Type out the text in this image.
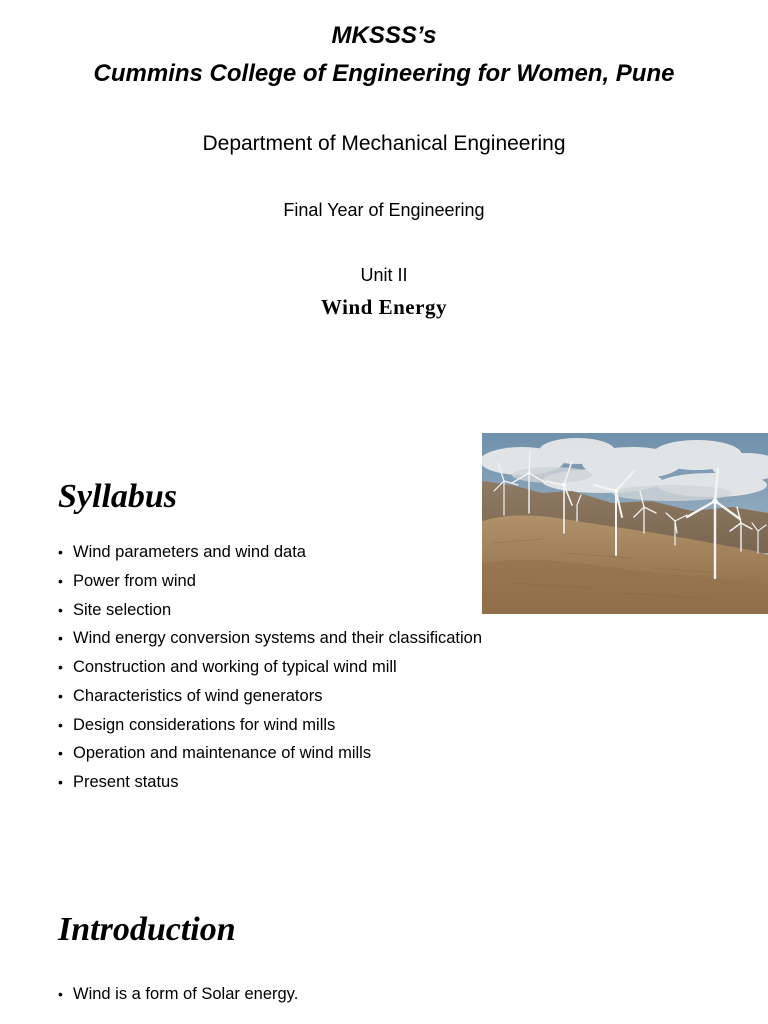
MKSSS’s
Cummins College of Engineering for Women, Pune
Department of Mechanical Engineering
Final Year of Engineering
Unit II
Wind Energy
Syllabus
• Wind parameters and wind data
• Power from wind
• Site selection
• Wind energy conversion systems and their classification
• Construction and working of typical wind mill
• Characteristics of wind generators
• Design considerations for wind mills
• Operation and maintenance of wind mills
• Present status
Introduction
• Wind is a form of Solar energy.
